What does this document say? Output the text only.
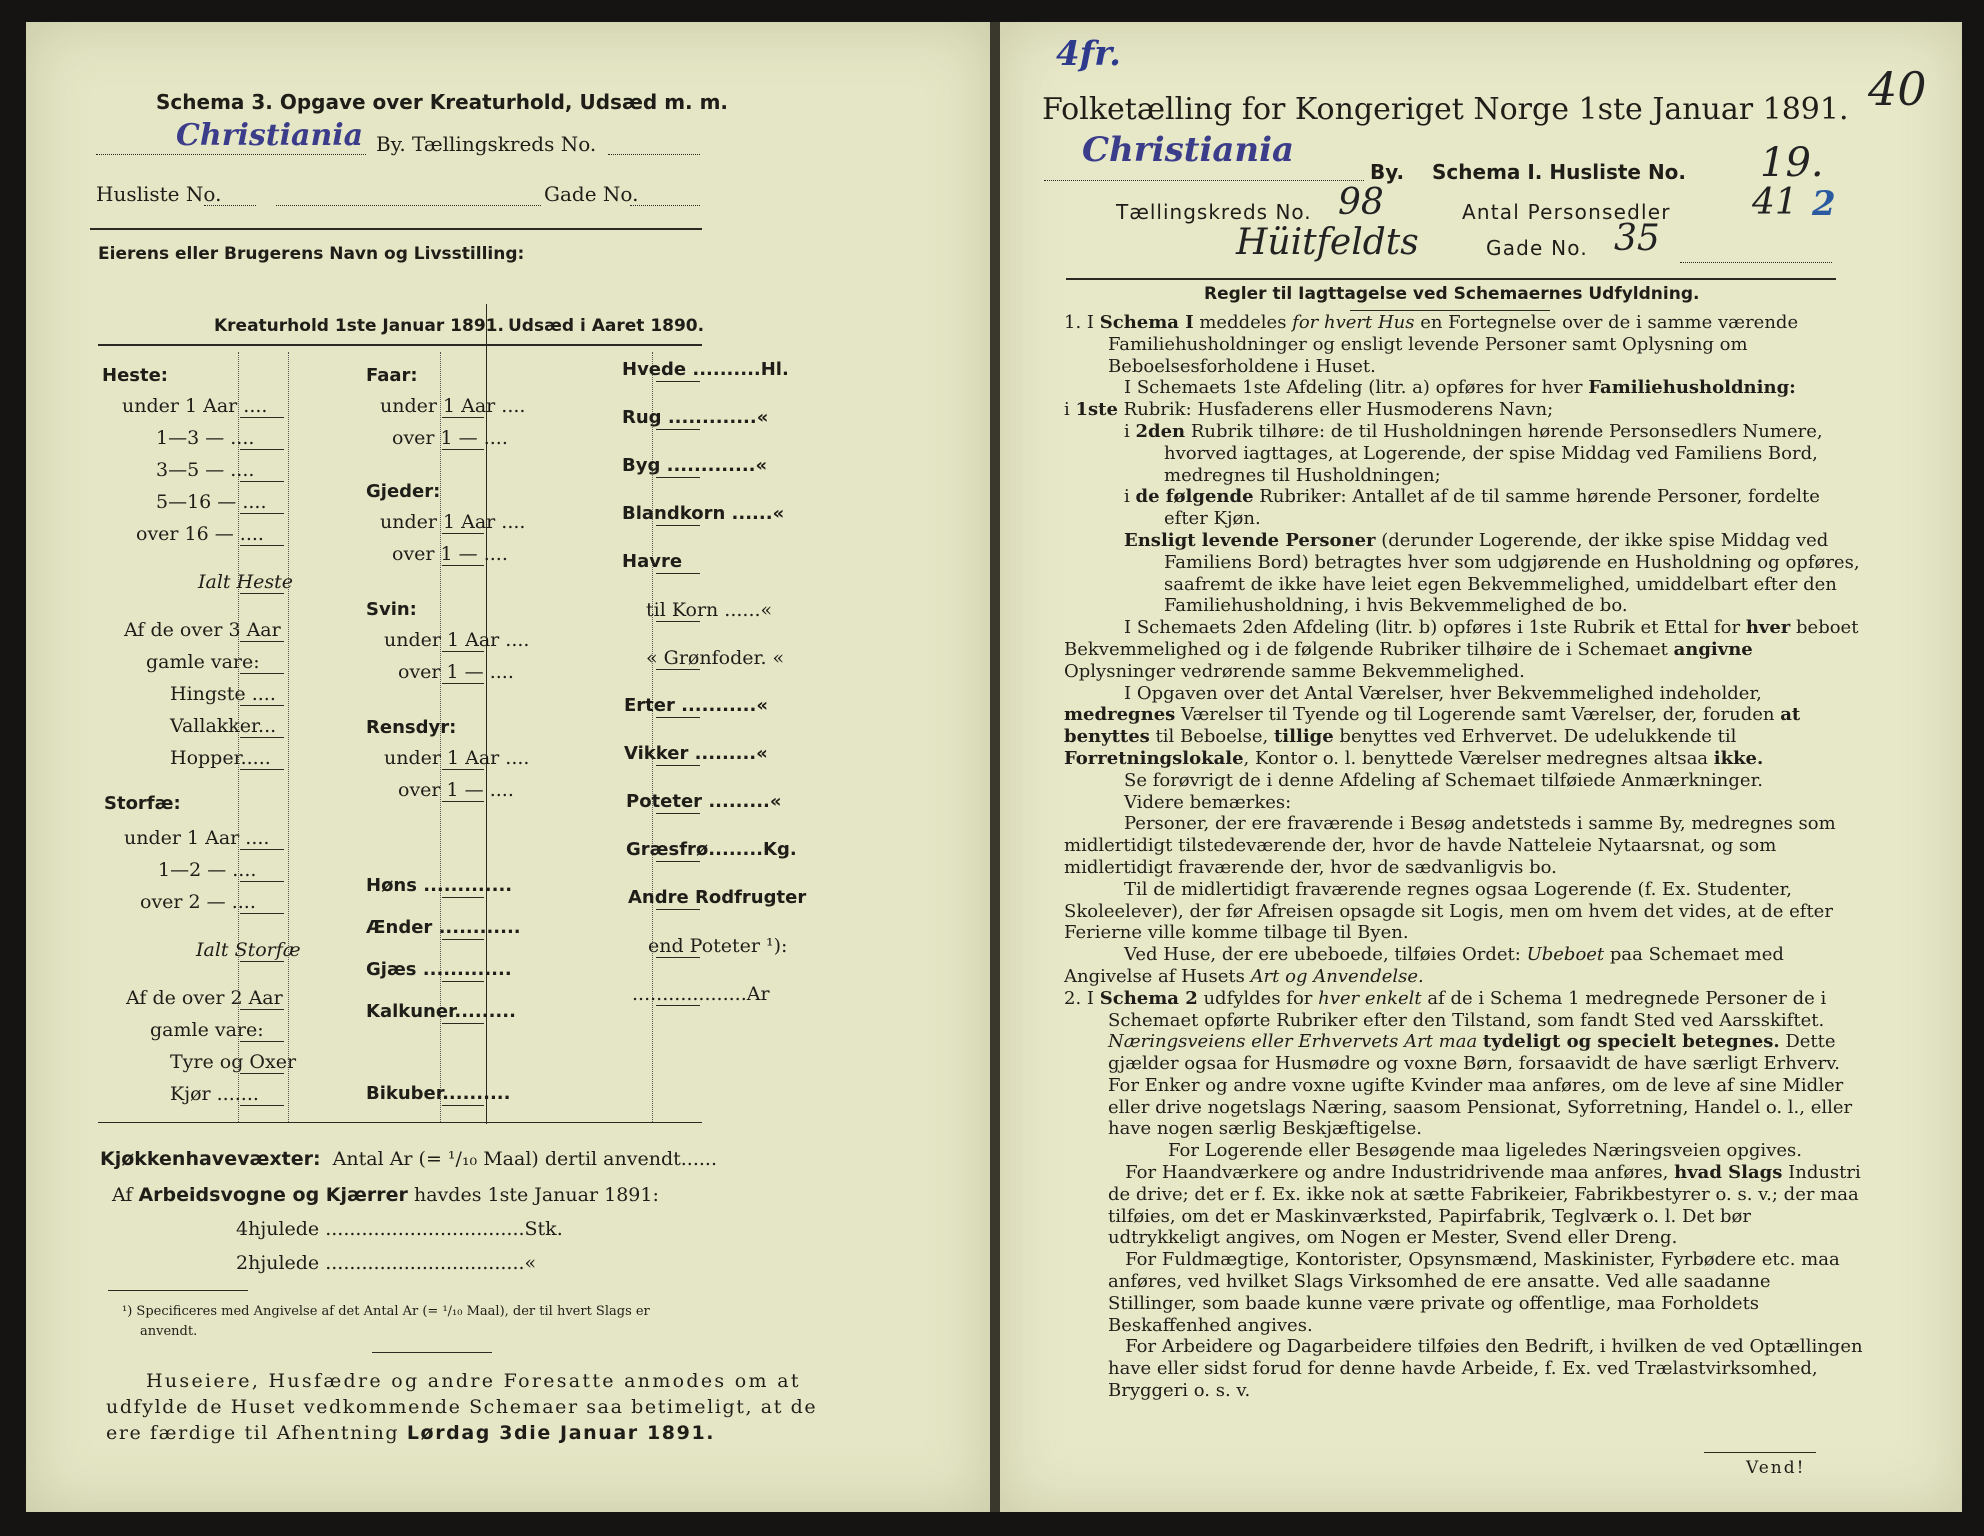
Schema 3. Opgave over Kreaturhold, Udsæd m. m.
Christiania By. Tællingskreds No.
Husliste No.	Gade No.
Eierens eller Brugerens Navn og Livsstilling:
Kreaturhold 1ste Januar 1891. Udsæd i Aaret 1890.
Heste:
under 1 Aar ....
1—3 — ....
3—5 — ....
5—16 — ....
over 16 — ....
Ialt Heste
Af de over 3 Aar
gamle vare:
Hingste ....
Vallakker...
Hopper.....
Storfæ:
under 1 Aar ....
1—2 — ....
over 2 — ....
Ialt Storfæ
Af de over 2 Aar
gamle vare:
Tyre og Oxer
Kjør .......
Faar:
under 1 Aar ....
over 1 — ....
Gjeder:
under 1 Aar ....
over 1 — ....
Svin:
under 1 Aar ....
over 1 — ....
Rensdyr:
under 1 Aar ....
over 1 — ....
Høns .............
Ænder ............
Gjæs .............
Kalkuner.........
Bikuber..........
Hvede ..........Hl.
Rug .............«
Byg .............«
Blandkorn ......«
Havre
til Korn ......«
« Grønfoder. «
Erter ...........«
Vikker .........«
Poteter .........«
Græsfrø........Kg.
Andre Rodfrugter
end Poteter ¹):
...................Ar
Kjøkkenhavevæxter: Antal Ar (= ¹/₁₀ Maal) dertil anvendt......
Af Arbeidsvogne og Kjærrer havdes 1ste Januar 1891:
4hjulede .................................Stk.
2hjulede .................................«
¹) Specificeres med Angivelse af det Antal Ar (= ¹/₁₀ Maal), der til hvert Slags er
anvendt.
Huseiere, Husfædre og andre Foresatte anmodes om at
udfylde de Huset vedkommende Schemaer saa betimeligt, at de
ere færdige til Afhentning Lørdag 3die Januar 1891.
4fr.
40
Folketælling for Kongeriget Norge 1ste Januar 1891.
Christiania
By. Schema I. Husliste No. 19.
Tællingskreds No. 98	Antal Personsedler 41 2
Hüitfeldts	Gade No. 35
Regler til Iagttagelse ved Schemaernes Udfyldning.

1. I Schema I meddeles for hvert Hus en Fortegnelse over de i samme værende Familiehusholdninger og ensligt levende Personer samt Oplysning om Beboelsesforholdene i Huset.

I Schemaets 1ste Afdeling (litr. a) opføres for hver Familiehusholdning:

i 1ste Rubrik: Husfaderens eller Husmoderens Navn;

i 2den Rubrik tilhøre: de til Husholdningen hørende Personsedlers Numere, hvorved iagttages, at Logerende, der spise Middag ved Familiens Bord, medregnes til Husholdningen;

i de følgende Rubriker: Antallet af de til samme hørende Personer, fordelte efter Kjøn.

Ensligt levende Personer (derunder Logerende, der ikke spise Middag ved Familiens Bord) betragtes hver som udgjørende en Husholdning og opføres, saafremt de ikke have leiet egen Bekvemmelighed, umiddelbart efter den Familiehusholdning, i hvis Bekvemmelighed de bo.

I Schemaets 2den Afdeling (litr. b) opføres i 1ste Rubrik et Ettal for hver beboet Bekvemmelighed og i de følgende Rubriker tilhøire de i Schemaet angivne Oplysninger vedrørende samme Bekvemmelighed.

I Opgaven over det Antal Værelser, hver Bekvemmelighed indeholder, medregnes Værelser til Tyende og til Logerende samt Værelser, der, foruden at benyttes til Beboelse, tillige benyttes ved Erhvervet. De udelukkende til Forretningslokale, Kontor o. l. benyttede Værelser medregnes altsaa ikke.

Se forøvrigt de i denne Afdeling af Schemaet tilføiede Anmærkninger.

Videre bemærkes:

Personer, der ere fraværende i Besøg andetsteds i samme By, medregnes som midlertidigt tilstedeværende der, hvor de havde Natteleie Nytaarsnat, og som midlertidigt fraværende der, hvor de sædvanligvis bo.

Til de midlertidigt fraværende regnes ogsaa Logerende (f. Ex. Studenter, Skoleelever), der før Afreisen opsagde sit Logis, men om hvem det vides, at de efter Ferierne ville komme tilbage til Byen.

Ved Huse, der ere ubeboede, tilføies Ordet: Ubeboet paa Schemaet med Angivelse af Husets Art og Anvendelse.

2. I Schema 2 udfyldes for hver enkelt af de i Schema 1 medregnede Personer de i Schemaet opførte Rubriker efter den Tilstand, som fandt Sted ved Aarsskiftet.

Næringsveiens eller Erhvervets Art maa tydeligt og specielt betegnes. Dette gjælder ogsaa for Husmødre og voxne Børn, forsaavidt de have særligt Erhverv. For Enker og andre voxne ugifte Kvinder maa anføres, om de leve af sine Midler eller drive nogetslags Næring, saasom Pensionat, Syforretning, Handel o. l., eller have nogen særlig Beskjæftigelse.

For Logerende eller Besøgende maa ligeledes Næringsveien opgives.

For Haandværkere og andre Industridrivende maa anføres, hvad Slags Industri de drive; det er f. Ex. ikke nok at sætte Fabrikeier, Fabrikbestyrer o. s. v.; der maa tilføies, om det er Maskinværksted, Papirfabrik, Teglværk o. l. Det bør udtrykkeligt angives, om Nogen er Mester, Svend eller Dreng.

For Fuldmægtige, Kontorister, Opsynsmænd, Maskinister, Fyrbødere etc. maa anføres, ved hvilket Slags Virksomhed de ere ansatte. Ved alle saadanne Stillinger, som baade kunne være private og offentlige, maa Forholdets Beskaffenhed angives.

For Arbeidere og Dagarbeidere tilføies den Bedrift, i hvilken de ved Optællingen have eller sidst forud for denne havde Arbeide, f. Ex. ved Trælastvirksomhed, Bryggeri o. s. v.

Vend!
